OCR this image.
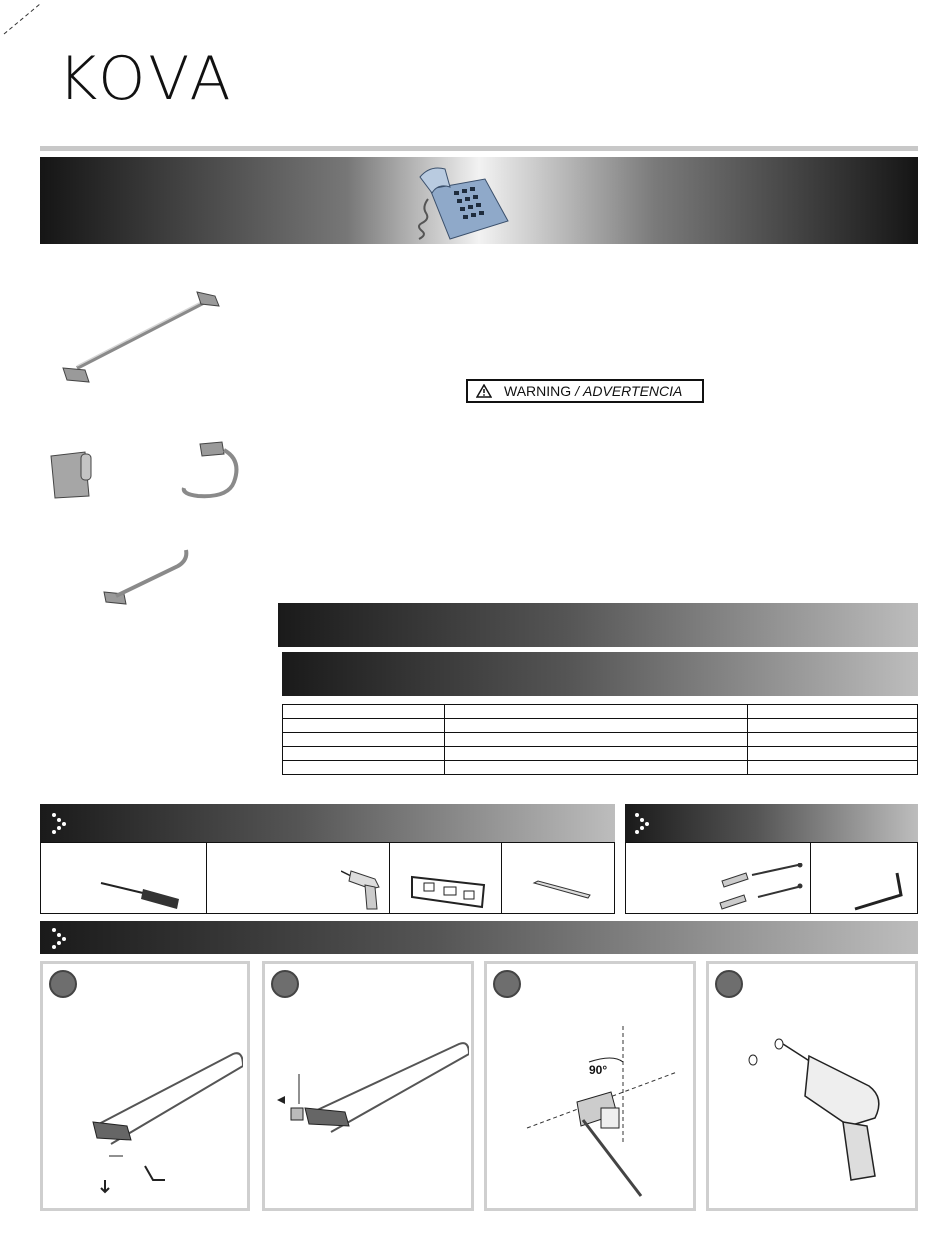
KOVA
WARNING / ADVERTENCIA

90°
